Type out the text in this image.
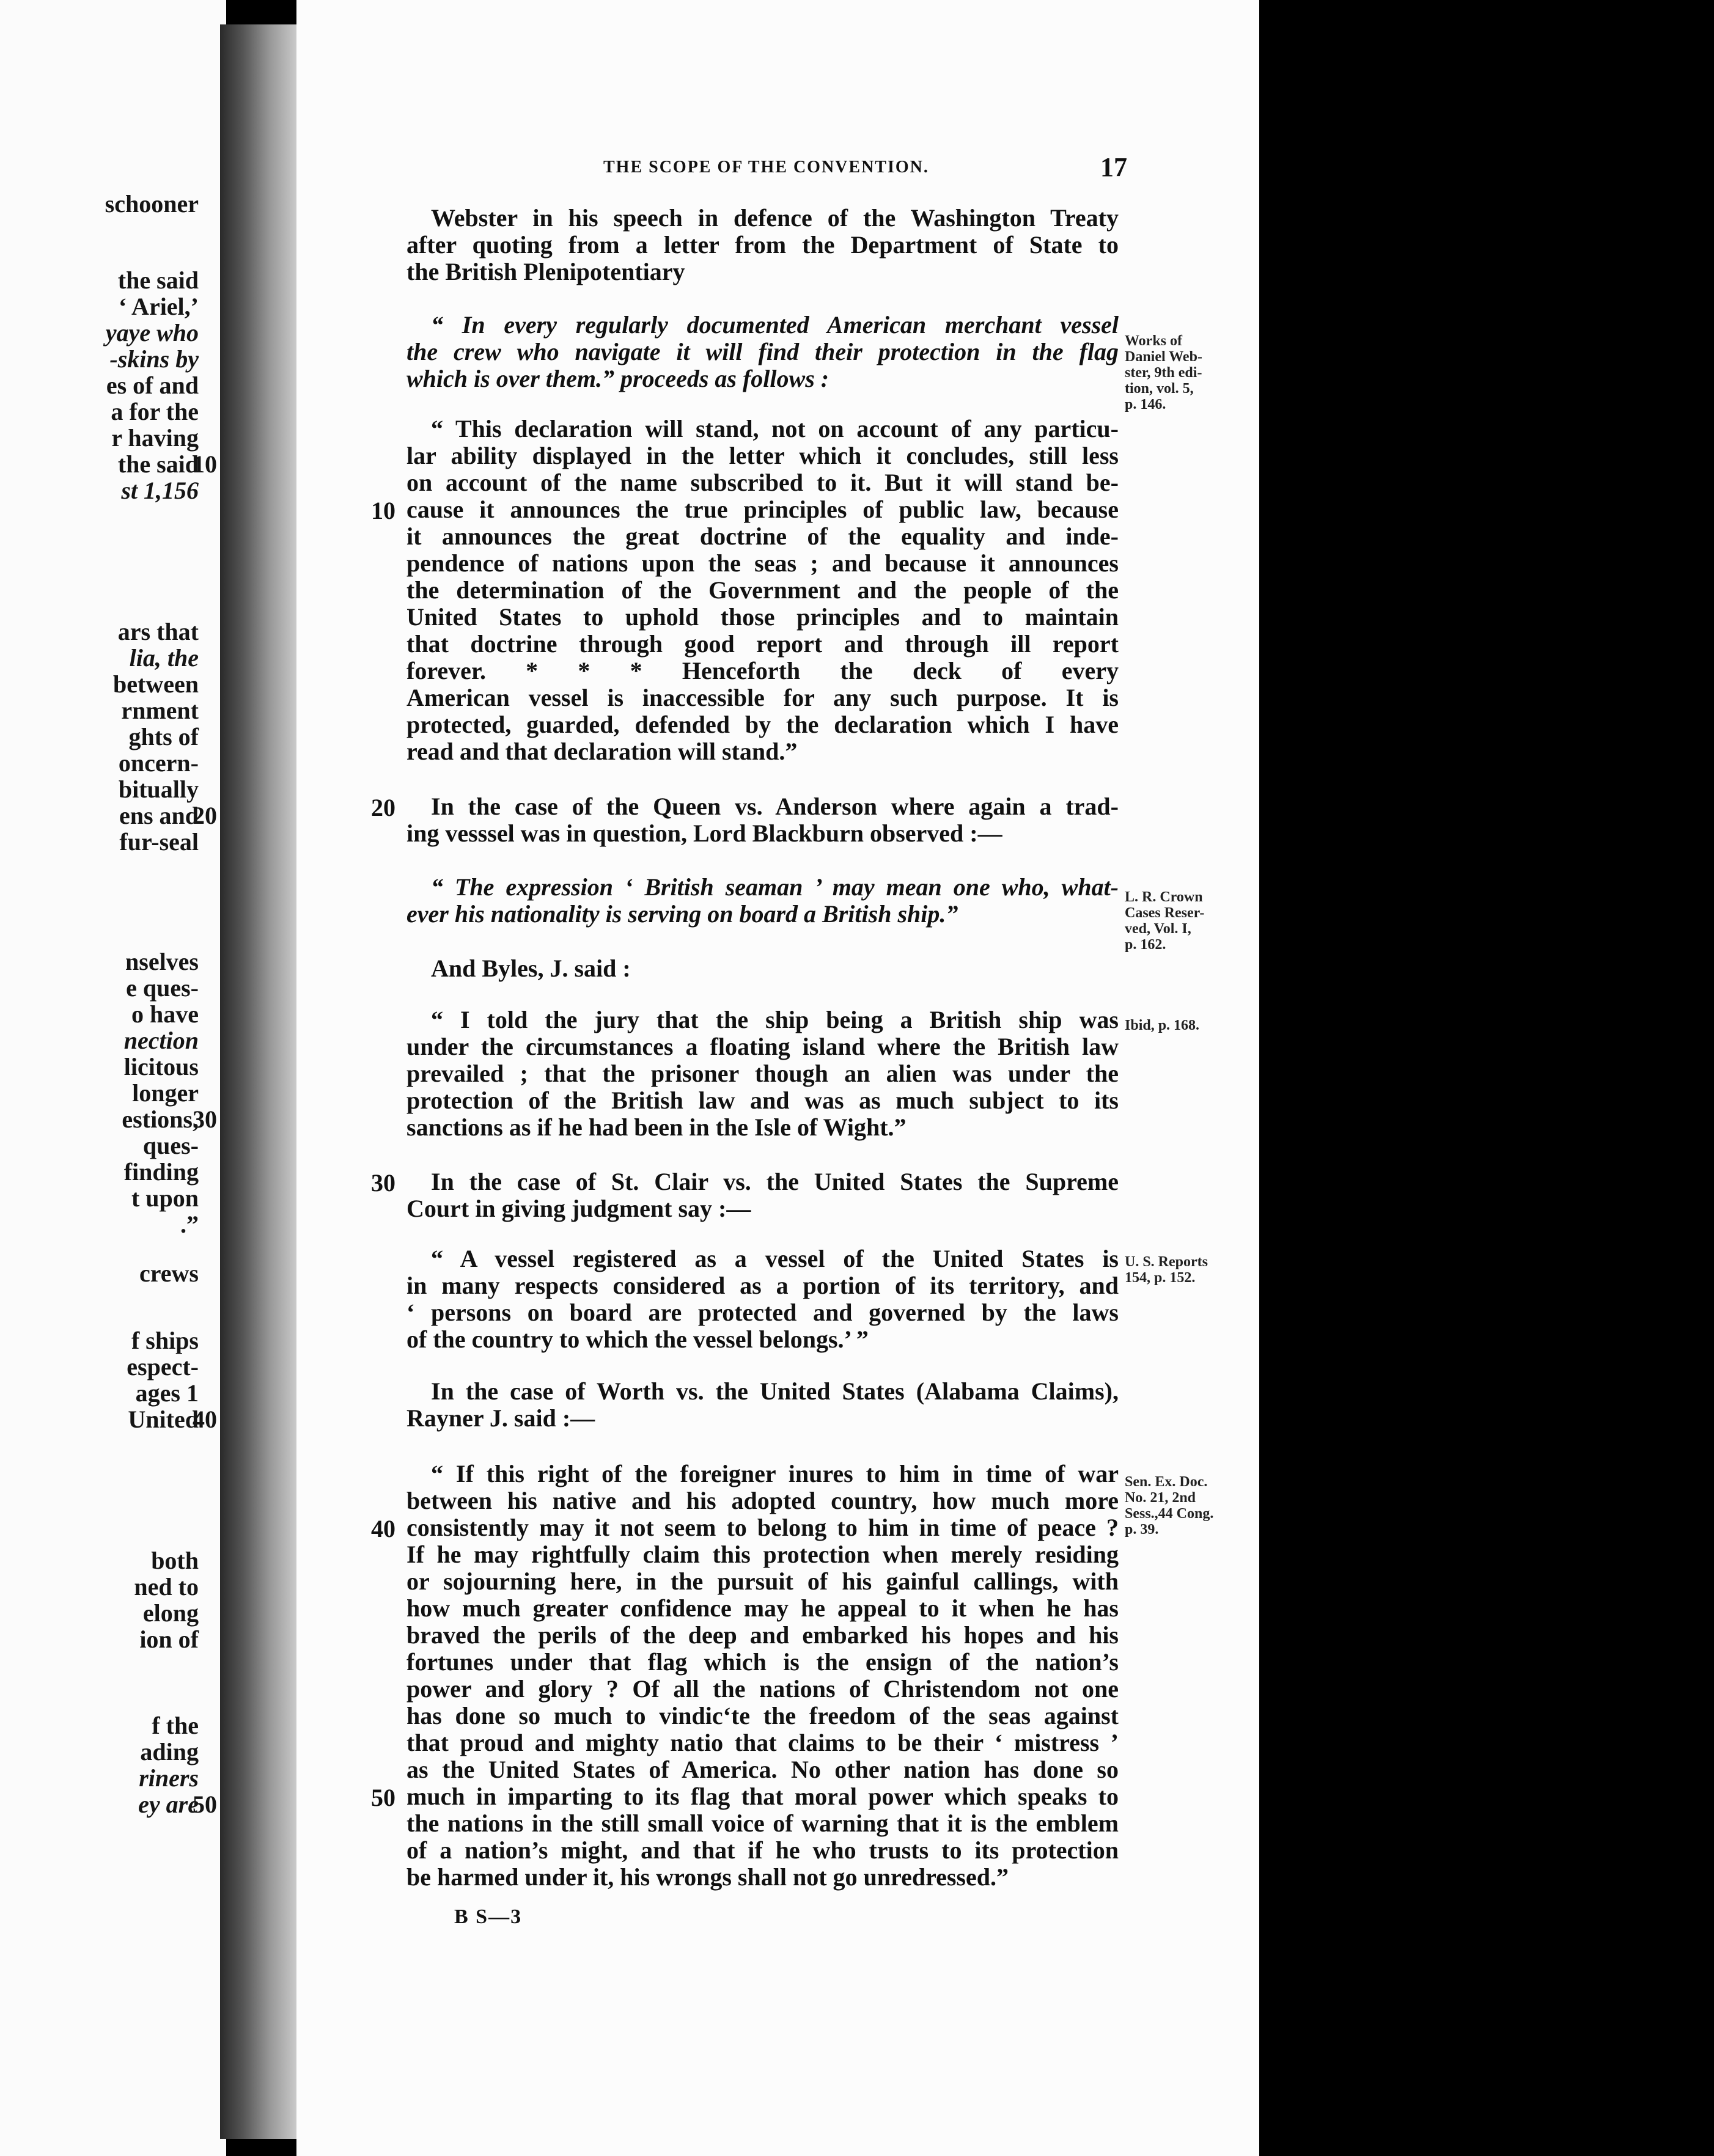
schooner
the said
‘ Ariel,’
yaye who
-skins by
es of and
a for the
r having
the said
st 1,156
ars that
lia, the
between
rnment
ghts of
oncern-
bitually
ens and
fur-seal
nselves
e ques-
o have
nection
licitous
longer
estions,
ques-
finding
t upon
.”
crews
f ships
espect-
ages 1
United
both
ned to
elong
ion of
f the
ading
riners
ey are
10
20
30
40
50
THE SCOPE OF THE CONVENTION.	17
Webster in his speech in defence of the Washington Treaty
after quoting from a letter from the Department of State to
the British Plenipotentiary
“ In every regularly documented American merchant vessel
the crew who navigate it will find their protection in the flag
which is over them.” proceeds as follows :
“ This declaration will stand, not on account of any particu-
lar ability displayed in the letter which it concludes, still less
on account of the name subscribed to it. But it will stand be-
cause it announces the true principles of public law, because
it announces the great doctrine of the equality and inde-
pendence of nations upon the seas ; and because it announces
the determination of the Government and the people of the
United States to uphold those principles and to maintain
that doctrine through good report and through ill report
forever. * * * Henceforth the deck of every
American vessel is inaccessible for any such purpose. It is
protected, guarded, defended by the declaration which I have
read and that declaration will stand.”
In the case of the Queen vs. Anderson where again a trad-
ing vesssel was in question, Lord Blackburn observed :—
“ The expression ‘ British seaman ’ may mean one who, what-
ever his nationality is serving on board a British ship.”
And Byles, J. said :
“ I told the jury that the ship being a British ship was
under the circumstances a floating island where the British law
prevailed ; that the prisoner though an alien was under the
protection of the British law and was as much subject to its
sanctions as if he had been in the Isle of Wight.”
In the case of St. Clair vs. the United States the Supreme
Court in giving judgment say :—
“ A vessel registered as a vessel of the United States is
in many respects considered as a portion of its territory, and
‘ persons on board are protected and governed by the laws
of the country to which the vessel belongs.’ ”
In the case of Worth vs. the United States (Alabama Claims),
Rayner J. said :—
“ If this right of the foreigner inures to him in time of war
between his native and his adopted country, how much more
consistently may it not seem to belong to him in time of peace ?
If he may rightfully claim this protection when merely residing
or sojourning here, in the pursuit of his gainful callings, with
how much greater confidence may he appeal to it when he has
braved the perils of the deep and embarked his hopes and his
fortunes under that flag which is the ensign of the nation’s
power and glory ? Of all the nations of Christendom not one
has done so much to vindic‘te the freedom of the seas against
that proud and mighty natio that claims to be their ‘ mistress ’
as the United States of America. No other nation has done so
much in imparting to its flag that moral power which speaks to
the nations in the still small voice of warning that it is the emblem
of a nation’s might, and that if he who trusts to its protection
be harmed under it, his wrongs shall not go unredressed.”
10
20
30
40
50
Works of
Daniel Web-
ster, 9th edi-
tion, vol. 5,
p. 146.
L. R. Crown
Cases Reser-
ved, Vol. I,
p. 162.
Ibid, p. 168.
U. S. Reports
154, p. 152.
Sen. Ex. Doc.
No. 21, 2nd
Sess.,44 Cong.
p. 39.
B S—3
